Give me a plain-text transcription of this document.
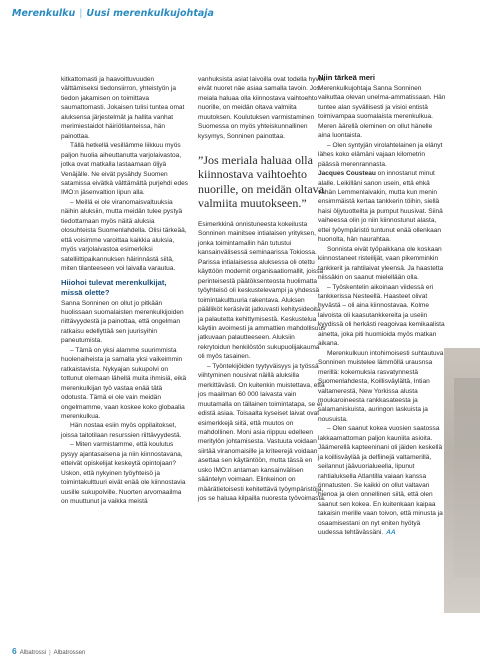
Merenkulku | Uusi merenkulkujohtaja

kitkattomasti ja haavoittuvuuden välttämiseksi tiedonsiirron, yhteistyön ja tiedon jakamisen on toimittava saumattomasti. Jokaisen tulisi tuntea omat aluksensa järjestelmät ja hallita vanhat merimiestaidot häiriötilanteissa, hän painottaa.

Tällä hetkellä vesillämme liikkuu myös paljon huolia aiheuttanutta varjolaivastoa, jotka ovat matkalla lastaamaan öljyä Venäjälle. Ne eivät pysähdy Suomen satamissa eivätkä välttämättä purjehdi edes IMO:n jäsenvaltion lipun alla.

– Meillä ei ole viranomaisvaltuuksia näihin aluksiin, mutta meidän tulee pystyä tiedottamaan myös näitä aluksia olosuhteista Suomenlahdella. Olisi tärkeää, että voisimme varoittaa kaikkia aluksia, myös varjolaivastoa esimerkiksi satelliittipaikannuksen häirinnästä siitä, miten tilanteeseen voi laivalla varautua.

Hiiohoi tulevat merenkulkijat, missä olette?

Sanna Sonninen on ollut jo pitkään huolissaan suomalaisten merenkulkijoiden riittävyydestä ja painottaa, että ongelman ratkaisu edellyttää sen juurisyihin paneutumista.

– Tämä on yksi alamme suurimmista huolenaiheista ja samalla yksi vaikeimmin ratkaistavista. Nykyajan sukupolvi on tottunut olemaan lähellä muita ihmisiä, eikä merenkulkijan työ vastaa enää tätä odotusta. Tämä ei ole vain meidän ongelmamme, vaan koskee koko globaalia merenkulkua.

Hän nostaa esiin myös oppilaitokset, joissa taitotilaan resurssien riittävyydestä.

– Miten varmistamme, että koulutus pysyy ajantasaisena ja niin kiinnostavana, etteivät opiskelijat keskeytä opintojaan? Uskon, että nykyinen työyhteisö ja toimintakulttuuri eivät enää ole kiinnostavia uusille sukupolville. Nuorten arvomaailma on muuttunut ja vaikka meistä

vanhuksista asiat laivoilla ovat todella hyvin, eivät nuoret näe asiaa samalla tavoin. Jos meiala haluaa olla kiinnostava vaihtoehto nuorille, on meidän oltava valmiita muutoksen. Koulutuksen varmistaminen Suomessa on myös yhteiskunnallinen kysymys, Sonninen painottaa.

”Jos meriala haluaa olla kiinnostava vaihtoehto nuorille, on meidän oltava valmiita muutokseen.”

Esimerkkinä onnistuneesta kokeilusta Sonninen mainitsee intialaisen yrityksen, jonka toimintamallin hän tutustui kansainvälisessä seminaarissa Tokiossa. Parissa intialaisessa aluksessa oli otettu käyttöön modernit organisaatiomallit, joissa perinteisestä päätöksenteosta huolimatta työyhteisö oli keskustelevampi ja yhdessä toimintakulttuuria rakentava. Aluksen päälliköt keräsivät jatkuvasti kehitysideoita ja palautetta kehittymisestä. Keskustelua käytiin avoimesti ja ammattien mahdollisuus jatkuvaan palautteeseen. Aluksiin rekrytoidun henkilöstön sukupuolijakauma oli myös tasainen.

– Työntekijöiden tyytyväisyys ja työssä viihtyminen nousivat näillä aluksilla merkittävästi. On kuitenkin muistettava, että jos maailman 60 000 laivasta vain muutamalla on tällainen toimintatapa, se ei edistä asiaa. Toisaalta kyseiset laivat ovat esimerkkejä siitä, että muutos on mahdollinen. Moni asia riippuu edelleen meritylön johtamisesta. Vastuuta voidaan siirtää viranomaisille ja kriteerejä voidaan asettaa sen käytäntöön, mutta tässä en usko IMO:n antaman kansainvälisen sääntelyn voimaan. Elinkeinon on määrätietoisesti kehitettävä työympäristöjä, jos se haluaa kilpailla nuoresta työvoimasta.

Niin tärkeä meri

Merenkulkujohtaja Sanna Sonninen vaikuttaa olevan unelma-ammatissaan. Hän tuntee alan syvällisesti ja visioi entistä toimivampaa suomalaista merenkulkua. Meren äärellä oleminen on ollut hänelle aina luontaista.

– Olen syntyjän virolahtelainen ja elänyt lähes koko elämäni vajaan kilometrin päässä merenrannasta.

Jacques Cousteau on innostanut minut alalle. Leikilläni sanon usein, että ehkä vähän Lemmenlaivakin, mutta kun menin ensimmäistä kertaa tankkerin töihin, siellä haisi öljytuotteilta ja pumput huusivat. Siinä vaiheessa olin jo niin kiinnostunut alasta, ettei työympäristö tuntunut enää ollenkaan huonolta, hän naurahtaa.

Sonnista eivät työpaikkana ole koskaan kiinnostaneet risteilijät, vaan pikemminkin tankkerit ja rahtilaivat yleensä. Ja haastetta niissäkin on saanut mielellään olla.

– Työskentelin aikoinaan viidessä eri tankkerissa Nesteellä. Haasteet olivat hyvästä – oli aina kiinnostavaa. Kolme laivoista oli kaasutankkereita ja useiin kyydissä oli herkästi reagoivaa kemikaalista ainetta, joka piti huomioida myös matkan aikana.

Merenkulkuun intohimoisesti suhtautuva Sonninen muistelee lämmöllä urausnsa merillä: kokemuksia rasvatynnestä Suomenlahdesta, Koillisväylältä, Intian valtamerestä, New Yorkissa alusta moukaroineesta rankkasateesta ja salamaniskuista, auringon laskuista ja nousuista.

– Olen saanut kokea vuosien saatossa lakkaamattoman paljon kauniita asioita. Jäämerellä kapteeninani oli jäiden keskellä ja koillisväylää ja delfiinejä valtamerillä, seilannut jäävuorialueella, lipunut rahtialuksella Atlantilla vaiaan kanssa rinnatusten. Se kaikki on ollut valtavan hienoa ja olen onnellinen siitä, että olen saanut sen kokea. En kuitenkaan kaipaa takaisin merille vaan toivon, että minusta ja osaamisestani on nyt eniten hyötyä uudessa tehtävässäni. AA

6 Albatrossi | Albatrossen
